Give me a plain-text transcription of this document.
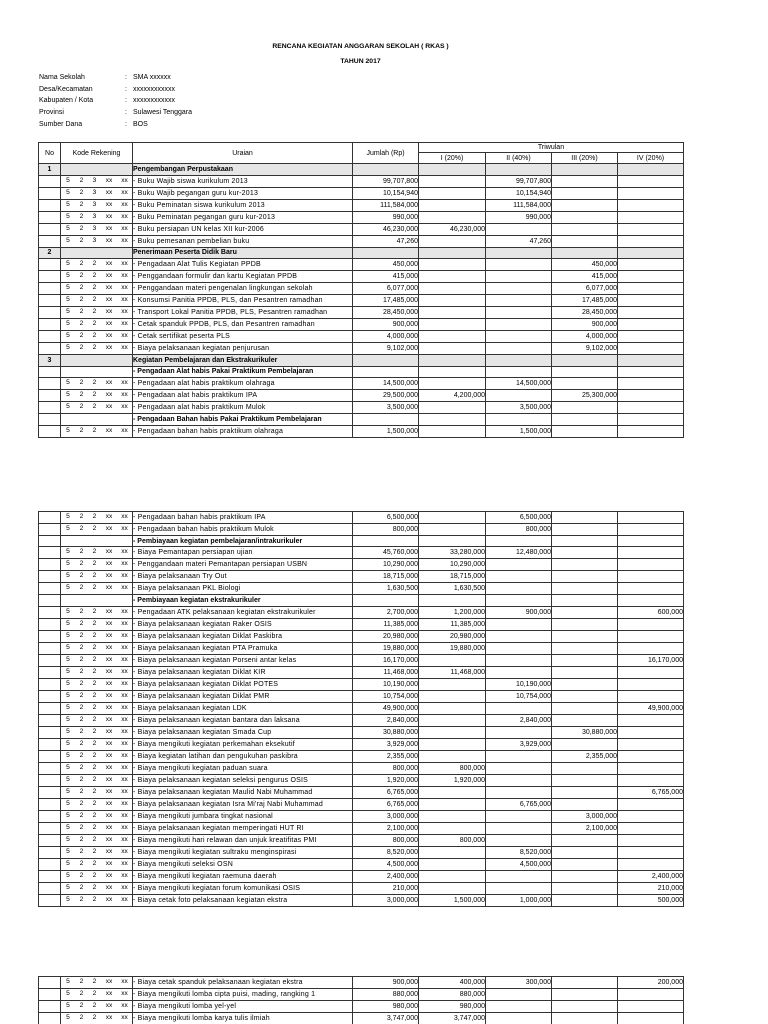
RENCANA KEGIATAN ANGGARAN SEKOLAH ( RKAS )
TAHUN 2017
Nama Sekolah	: SMA xxxxxx
Desa/Kecamatan	: xxxxxxxxxxxx
Kabupaten / Kota	: xxxxxxxxxxxx
Provinsi	: Sulawesi Tenggara
Sumber Dana	: BOS
No	Kode Rekening	Uraian	Jumlah (Rp)	Triwulan			
				I (20%)	II (40%)	III (20%)	IV (20%)
1		Pengembangan Perpustakaan					
	5 2 3 xx xx	- Buku Wajib siswa kurikulum 2013	99,707,800		99,707,800		
	5 2 3 xx xx	- Buku Wajib pegangan guru kur-2013	10,154,940		10,154,940		
	5 2 3 xx xx	- Buku Peminatan siswa kurikulum 2013	111,584,000		111,584,000		
	5 2 3 xx xx	- Buku Peminatan pegangan guru kur-2013	990,000		990,000		
	5 2 3 xx xx	- Buku persiapan UN kelas XII kur-2006	46,230,000	46,230,000			
	5 2 3 xx xx	- Buku pemesanan pembelian buku	47,260		47,260		
2		Penerimaan Peserta Didik Baru					
	5 2 2 xx xx	- Pengadaan Alat Tulis Kegiatan PPDB	450,000			450,000	
	5 2 2 xx xx	- Penggandaan formulir dan kartu Kegiatan PPDB	415,000			415,000	
	5 2 2 xx xx	- Penggandaan materi pengenalan lingkungan sekolah	6,077,000			6,077,000	
	5 2 2 xx xx	- Konsumsi Panitia PPDB, PLS, dan Pesantren ramadhan	17,485,000			17,485,000	
	5 2 2 xx xx	- Transport Lokal Panitia PPDB, PLS, Pesantren ramadhan	28,450,000			28,450,000	
	5 2 2 xx xx	- Cetak spanduk PPDB, PLS, dan Pesantren ramadhan	900,000			900,000	
	5 2 2 xx xx	- Cetak sertifikat peserta PLS	4,000,000			4,000,000	
	5 2 2 xx xx	- Biaya pelaksanaan kegiatan penjurusan	9,102,000			9,102,000	
3		Kegiatan Pembelajaran dan Ekstrakurikuler					
		- Pengadaan Alat habis Pakai Praktikum Pembelajaran					
	5 2 2 xx xx	- Pengadaan alat habis praktikum olahraga	14,500,000		14,500,000		
	5 2 2 xx xx	- Pengadaan alat habis praktikum IPA	29,500,000	4,200,000		25,300,000	
	5 2 2 xx xx	- Pengadaan alat habis praktikum Mulok	3,500,000		3,500,000		
		- Pengadaan Bahan habis Pakai Praktikum Pembelajaran					
	5 2 2 xx xx	- Pengadaan bahan habis praktikum olahraga	1,500,000		1,500,000		
	5 2 2 xx xx	- Pengadaan bahan habis praktikum IPA	6,500,000		6,500,000		
	5 2 2 xx xx	- Pengadaan bahan habis praktikum Mulok	800,000		800,000		
		- Pembiayaan kegiatan pembelajaran/intrakurikuler					
	5 2 2 xx xx	- Biaya Pemantapan persiapan ujian	45,760,000	33,280,000	12,480,000		
	5 2 2 xx xx	- Penggandaan materi Pemantapan persiapan USBN	10,290,000	10,290,000			
	5 2 2 xx xx	- Biaya pelaksanaan Try Out	18,715,000	18,715,000			
	5 2 2 xx xx	- Biaya pelaksanaan PKL Biologi	1,630,500	1,630,500			
		- Pembiayaan kegiatan ekstrakurikuler					
	5 2 2 xx xx	- Pengadaan ATK pelaksanaan kegiatan ekstrakurikuler	2,700,000	1,200,000	900,000		600,000
	5 2 2 xx xx	- Biaya pelaksanaan kegiatan Raker OSIS	11,385,000	11,385,000			
	5 2 2 xx xx	- Biaya pelaksanaan kegiatan Diklat Paskibra	20,980,000	20,980,000			
	5 2 2 xx xx	- Biaya pelaksanaan kegiatan PTA Pramuka	19,880,000	19,880,000			
	5 2 2 xx xx	- Biaya pelaksanaan kegiatan Porseni antar kelas	16,170,000				16,170,000
	5 2 2 xx xx	- Biaya pelaksanaan kegiatan Diklat KIR	11,468,000	11,468,000			
	5 2 2 xx xx	- Biaya pelaksanaan kegiatan Diklat POTES	10,190,000		10,190,000		
	5 2 2 xx xx	- Biaya pelaksanaan kegiatan Diklat PMR	10,754,000		10,754,000		
	5 2 2 xx xx	- Biaya pelaksanaan kegiatan LDK	49,900,000				49,900,000
	5 2 2 xx xx	- Biaya pelaksanaan kegiatan bantara dan laksana	2,840,000		2,840,000		
	5 2 2 xx xx	- Biaya pelaksanaan kegiatan Smada Cup	30,880,000			30,880,000	
	5 2 2 xx xx	- Biaya mengikuti kegiatan perkemahan eksekutif	3,929,000		3,929,000		
	5 2 2 xx xx	- Biaya kegiatan latihan dan pengukuhan paskibra	2,355,000			2,355,000	
	5 2 2 xx xx	- Biaya mengikuti kegiatan paduan suara	800,000	800,000			
	5 2 2 xx xx	- Biaya pelaksanaan kegiatan seleksi pengurus OSIS	1,920,000	1,920,000			
	5 2 2 xx xx	- Biaya pelaksanaan kegiatan Maulid Nabi Muhammad	6,765,000				6,765,000
	5 2 2 xx xx	- Biaya pelaksanaan kegiatan Isra Mi'raj Nabi Muhammad	6,765,000		6,765,000		
	5 2 2 xx xx	- Biaya mengikuti jumbara tingkat nasional	3,000,000			3,000,000	
	5 2 2 xx xx	- Biaya pelaksanaan kegiatan memperingati HUT RI	2,100,000			2,100,000	
	5 2 2 xx xx	- Biaya mengikuti hari relawan dan unjuk kreatifitas PMI	800,000	800,000			
	5 2 2 xx xx	- Biaya mengikuti kegiatan sultraku menginspirasi	8,520,000		8,520,000		
	5 2 2 xx xx	- Biaya mengikuti seleksi OSN	4,500,000		4,500,000		
	5 2 2 xx xx	- Biaya mengikuti kegiatan raemuna daerah	2,400,000				2,400,000
	5 2 2 xx xx	- Biaya mengikuti kegiatan forum komunikasi OSIS	210,000				210,000
	5 2 2 xx xx	- Biaya cetak foto pelaksanaan kegiatan ekstra	3,000,000	1,500,000	1,000,000		500,000
	5 2 2 xx xx	- Biaya cetak spanduk pelaksanaan kegiatan ekstra	900,000	400,000	300,000		200,000
	5 2 2 xx xx	- Biaya mengikuti lomba cipta puisi, mading, rangking 1	880,000	880,000			
	5 2 2 xx xx	- Biaya mengikuti lomba yel-yel	980,000	980,000			
	5 2 2 xx xx	- Biaya mengikuti lomba karya tulis ilmiah	3,747,000	3,747,000			
